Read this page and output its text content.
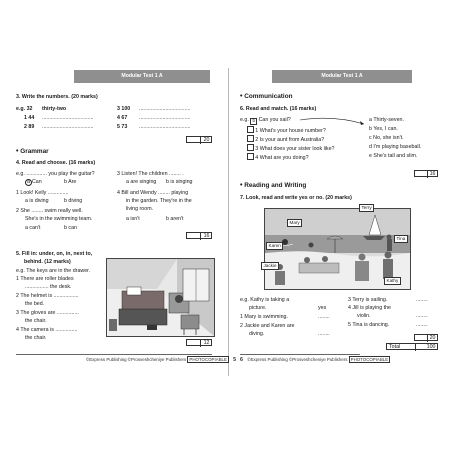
Modular Test 1 A
3. Write the numbers. (20 marks)
e.g. 32 thirty-two
1 44 ...................................
2 89 ...................................
3 100 ...................................
4 67 ...................................
5 73 ...................................
20
• Grammar
4. Read and choose. (16 marks)
e.g. .............. you play the guitar?
a Can	b Are
1 Look! Kelly ..............
a is diving	b diving
2 She ........ swim really well.
She's in the swimming team.
a can't	b can
3 Listen! The children ........ .
a are singing b is singing
4 Bill and Wendy ........ playing
in the garden. They're in the
living room.
a isn't	b aren't
16
5. Fill in: under, on, in, next to,
behind. (12 marks)
e.g. The keys are in the drawer.
1 There are roller blades
................ the desk.
2 The helmet is .................
the bed.
3 The gloves are ...............
the chair.
4 The camera is ...............
the chair.
12
©Express Publishing ©Prosveshcheniye Publishers PHOTOCOPIABLE 5
Modular Test 1 A
• Communication
6. Read and match. (16 marks)
e.g. b Can you sail?
1 What's your house number?
2 Is your aunt from Australia?
3 What does your sister look like?
4 What are you doing?
a Thirty-seven.
b Yes, I can.
c No, she isn't.
d I'm playing baseball.
e She's tall and slim.
16
• Reading and Writing
7. Look, read and write yes or no. (20 marks)
Terry
Mary
Karen
Tina
Jackie
Kathy
e.g. Kathy is taking a
picture.	yes
1 Mary is swimming.	........
2 Jackie and Karen are
diving.	........
3 Terry is sailing.	........
4 Jill is playing the
violin.	........
5 Tina is dancing.	........
20
Total	100
6 ©Express Publishing ©Prosveshcheniye Publishers PHOTOCOPIABLE
